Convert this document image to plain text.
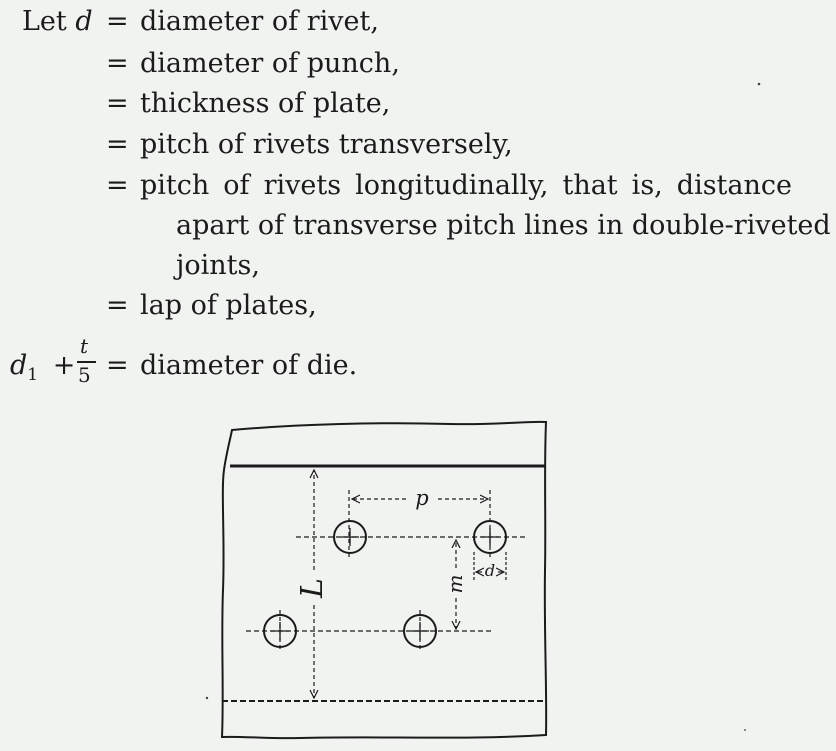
Let d = diameter of rivet,
= diameter of punch,
= thickness of plate,
= pitch of rivets transversely,
= pitch of rivets longitudinally, that is, distance
apart of transverse pitch lines in double-riveted
joints,
= lap of plates,
$d_1$ +
t
5 = diameter of die.
p
m
d
L
